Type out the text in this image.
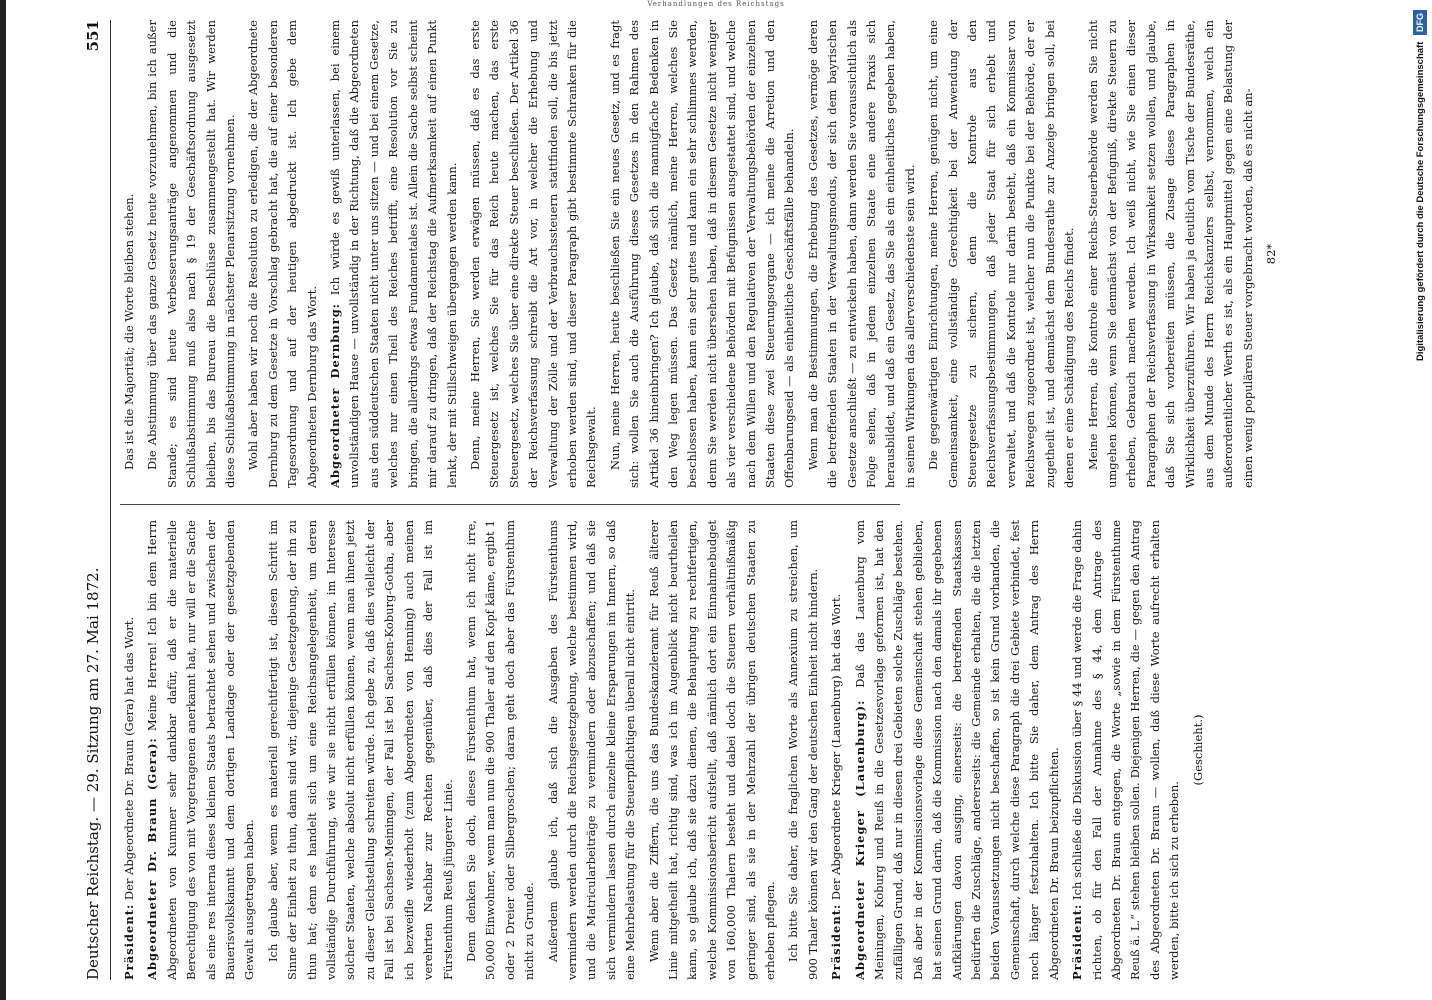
Verhandlungen des Reichstags
Deutscher Reichstag. — 29. Sitzung am 27. Mai 1872.
551

Präsident: Der Abgeordnete Dr. Braun (Gera) hat das Wort. Abgeordneter Dr. Braun (Gera): Meine Herren! Ich bin dem Herrn Abgeordneten von Kummer sehr dankbar dafür, daß er die materielle Berechtigung des von mit Vorgetragenen anerkannt hat, nur will er die Sache als eine res interna dieses kleinen Staats betrachtet sehen und zwischen der Bauerisvolkskanntt und dem dortigen Landtage oder der gesetzgebenden Gewalt ausgetragen haben. Ich glaube aber, wenn es materiell gerechtfertigt ist, diesen Schritt im Sinne der Einheit zu thun, dann sind wir, diejenige Gesetzgebung, der ihn zu thun hat; denn es handelt sich um eine Reichsangelegenheit, um deren vollständige Durchführung, wie wir sie nicht erfüllen können, im Interesse solcher Staaten, welche absolut nicht erfüllen können, wenn man ihnen jetzt zu dieser Gleichstellung schreiten würde. Ich gebe zu, daß dies vielleicht der Fall ist bei Sachsen-Meiningen, der Fall ist bei Sachsen-Koburg-Gotha, aber ich bezweifle wiederholt (zum Abgeordneten von Henning) auch meinen verehrten Nachbar zur Rechten gegenüber, daß dies der Fall ist im Fürstenthum Reuß jüngerer Linie. Denn denken Sie doch, dieses Fürstenthum hat, wenn ich nicht irre, 50,000 Einwohner, wenn man nun die 900 Thaler auf den Kopf käme, ergibt 1 oder 2 Dreier oder Silbergroschen; daran geht doch aber das Fürstenthum nicht zu Grunde. Außerdem glaube ich, daß sich die Ausgaben des Fürstenthums vermindern werden durch die Reichsgesetzgebung, welche bestimmen wird, und die Matricularbeiträge zu vermindern oder abzuschaffen; und daß sie sich vermindern lassen durch einzelne kleine Ersparungen im Innern, so daß eine Mehrbelastung für die Steuerpflichtigen überall nicht eintritt. Wenn aber die Ziffern, die uns das Bundeskanzleramt für Reuß älterer Linie mitgetheilt hat, richtig sind, was ich im Augenblick nicht beurtheilen kann, so glaube ich, daß sie dazu dienen, die Behauptung zu rechtfertigen, welche Kommissionsbericht aufstellt, daß nämlich dort ein Einnahmebudget von 160,000 Thalern besteht und dabei doch die Steuern verhältnißmäßig geringer sind, als sie in der Mehrzahl der übrigen deutschen Staaten zu erheben pflegen. Ich bitte Sie daher, die fraglichen Worte als Annexium zu streichen, um 900 Thaler können wir den Gang der deutschen Einheit nicht hindern. Präsident: Der Abgeordnete Krieger (Lauenburg) hat das Wort. Abgeordneter Krieger (Lauenburg): Daß das Lauenburg vom Meiningen, Koburg und Reuß in die Gesetzesvorlage geformen ist, hat den zufälligen Grund, daß nur in diesen drei Gebieten solche Zuschläge bestehen. Daß aber in der Kommissionsvorlage diese Gemeinschaft stehen geblieben, hat seinen Grund darin, daß die Kommission nach den damals ihr gegebenen Aufklärungen davon ausging, einerseits: die betreffenden Staatskassen bedürfen die Zuschläge, andererseits: die Gemeinde erhalten, die die letzten beiden Voraussetzungen nicht beschaffen, so ist kein Grund vorhanden, die Gemeinschaft, durch welche diese Paragraph die drei Gebiete verbindet, fest noch länger festzuhalten. Ich bitte Sie daher, dem Antrag des Herrn Abgeordneten Dr. Braun beizupflichten. Präsident: Ich schließe die Diskussion über § 44 und werde die Frage dahin richten, ob für den Fall der Annahme des § 44, dem Antrage des Abgeordneten Dr. Braun entgegen, die Worte „sowie in dem Fürstenthume Reuß ä. L.“ stehen bleiben sollen. Diejenigen Herren, die — gegen den Antrag des Abgeordneten Dr. Braun — wollen, daß diese Worte aufrecht erhalten werden, bitte ich sich zu erheben.

(Geschieht.)

Das ist die Majorität; die Worte bleiben stehen. Die Abstimmung über das ganze Gesetz heute vorzunehmen, bin ich außer Stande; es sind heute Verbesserungsanträge angenommen und die Schlußabstimmung muß also nach § 19 der Geschäftsordnung ausgesetzt bleiben, bis das Bureau die Beschlüsse zusammengestellt hat. Wir werden diese Schlußabstimmung in nächster Plenarsitzung vornehmen. Wohl aber haben wir noch die Resolution zu erledigen, die der Abgeordnete Dernburg zu dem Gesetze in Vorschlag gebracht hat, die auf einer besonderen Tagesordnung und auf der heutigen abgedruckt ist. Ich gebe dem Abgeordneten Dernburg das Wort. Abgeordneter Dernburg: Ich würde es gewiß unterlassen, bei einem unvollständigen Hause — unvollständig in der Richtung, daß die Abgeordneten aus den süddeutschen Staaten nicht unter uns sitzen — und bei einem Gesetze, welches nur einen Theil des Reiches betrifft, eine Resolution vor Sie zu bringen, die allerdings etwas Fundamentales ist. Allein die Sache selbst scheint mir darauf zu dringen, daß der Reichstag die Aufmerksamkeit auf einen Punkt lenkt, der mit Stillschweigen übergangen werden kann. Denn, meine Herren, Sie werden erwägen müssen, daß es das erste Steuergesetz ist, welches Sie für das Reich heute machen, das erste Steuergesetz, welches Sie über eine direkte Steuer beschließen. Der Artikel 36 der Reichsverfassung schreibt die Art vor, in welcher die Erhebung und Verwaltung der Zölle und der Verbrauchssteuern stattfinden soll, die bis jetzt erhoben werden sind, und dieser Paragraph gibt bestimmte Schranken für die Reichsgewalt. Nun, meine Herren, heute beschließen Sie ein neues Gesetz, und es fragt sich: wollen Sie auch die Ausführung dieses Gesetzes in den Rahmen des Artikel 36 hineinbringen? Ich glaube, daß sich die mannigfache Bedenken in den Weg legen müssen. Das Gesetz nämlich, meine Herren, welches Sie beschlossen haben, kann ein sehr gutes und kann ein sehr schlimmes werden, denn Sie werden nicht übersehen haben, daß in diesem Gesetze nicht weniger als vier verschiedene Behörden mit Befugnissen ausgestattet sind, und welche nach dem Willen und den Regulativen der Verwaltungsbehörden der einzelnen Staaten diese zwei Steuerungsorgane — ich meine die Arretion und den Offenbarungseid — als einheitliche Geschäftsfälle behandeln. Wenn man die Bestimmungen, die Erhebung des Gesetzes, vermöge deren die betreffenden Staaten in der Verwaltungsmodus, der sich dem bayrischen Gesetze anschließt — zu entwickeln haben, dann werden Sie voraussichtlich als Folge sehen, daß in jedem einzelnen Staate eine andere Praxis sich herausbildet, und daß ein Gesetz, das Sie als ein einheitliches gegeben haben, in seinen Wirkungen das allerverschiedenste sein wird. Die gegenwärtigen Einrichtungen, meine Herren, genügen nicht, um eine Gemeinsamkeit, eine vollständige Gerechtigkeit bei der Anwendung der Steuergesetze zu sichern, denn die Kontrole aus den Reichsverfassungsbestimmungen, daß jeder Staat für sich erhebt und verwaltet, und daß die Kontrole nur darin besteht, daß ein Kommissar von Reichswegen zugeordnet ist, welcher nun die Punkte bei der Behörde, der er zugetheilt ist, und demnächst dem Bundesrathe zur Anzeige bringen soll, bei denen er eine Schädigung des Reichs findet. Meine Herren, die Kontrole einer Reichs-Steuerbehörde werden Sie nicht umgehen können, wenn Sie demnächst von der Befugniß, direkte Steuern zu erheben, Gebrauch machen werden. Ich weiß nicht, wie Sie einen dieser Paragraphen der Reichsverfassung in Wirksamkeit setzen wollen, und glaube, daß Sie sich vorbereiten müssen, die Zusage dieses Paragraphen in Wirklichkeit überzuführen. Wir haben ja deutlich vom Tische der Bundesräthe, aus dem Munde des Herrn Reichskanzlers selbst, vernommen, welch ein außerordentlicher Werth es ist, als ein Hauptmittel gegen eine Belastung der einen wenig populären Steuer vorgebracht worden, daß es nicht an- 82*	Digitalisierung gefördert durch die Deutsche Forschungsgemeinschaft DFG
